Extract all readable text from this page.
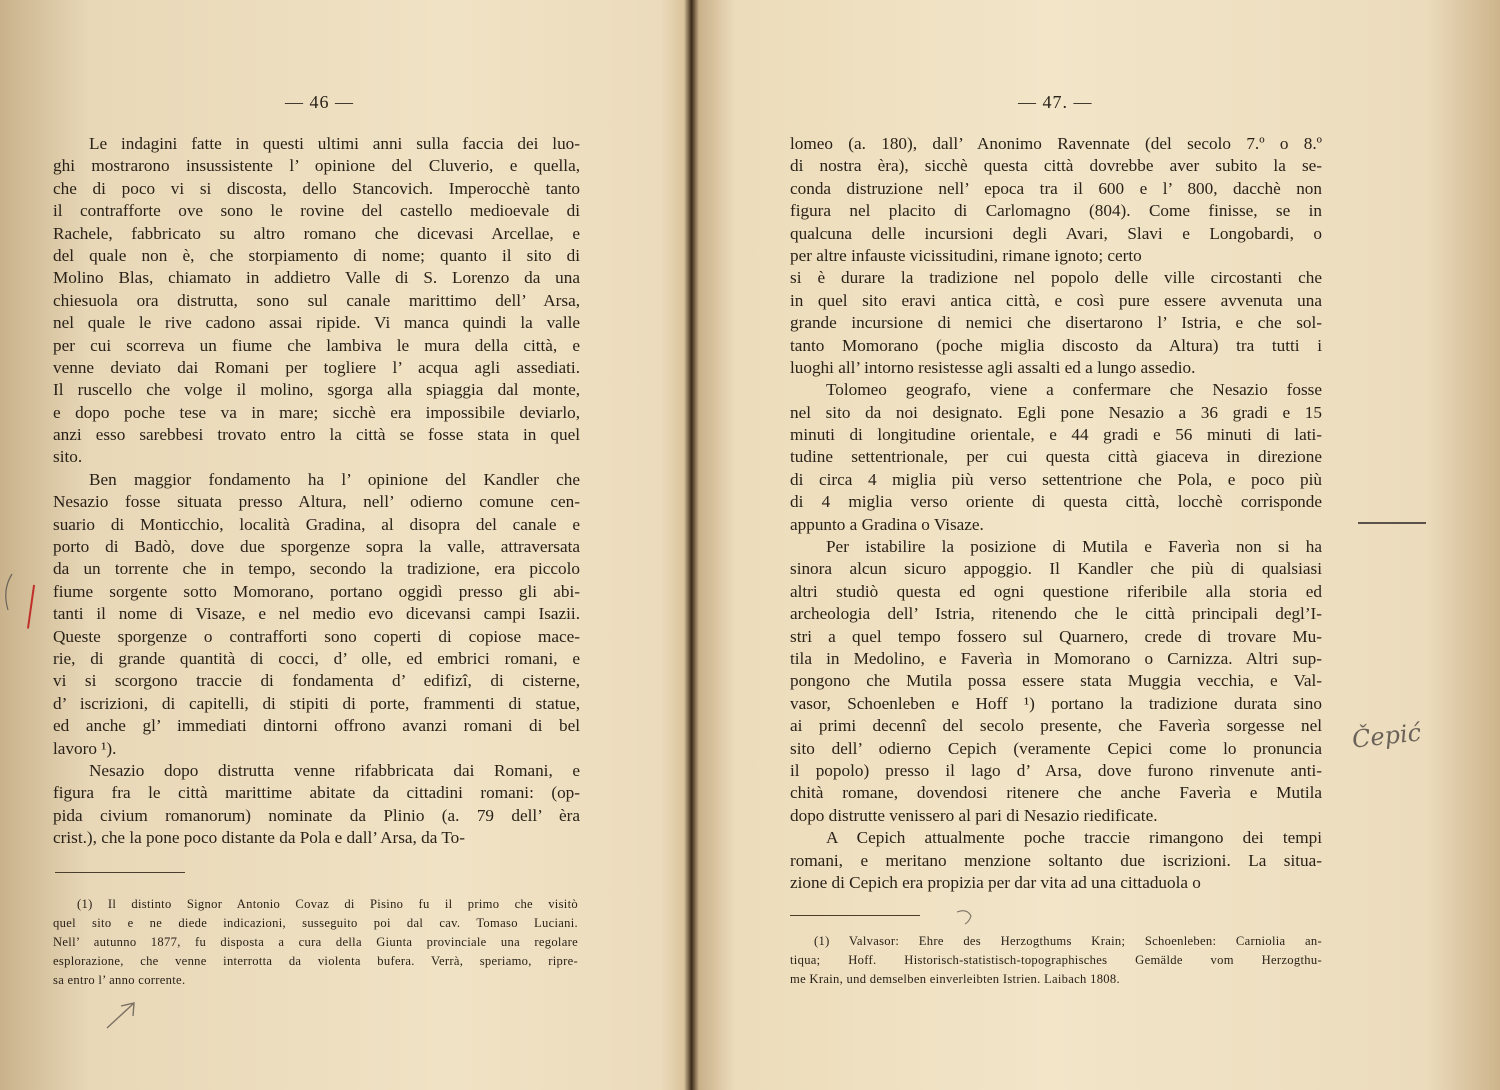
— 46 —
Le indagini fatte in questi ultimi anni sulla faccia dei luo-
ghi mostrarono insussistente l’ opinione del Cluverio, e quella,
che di poco vi si discosta, dello Stancovich. Imperocchè tanto
il contrafforte ove sono le rovine del castello medioevale di
Rachele, fabbricato su altro romano che dicevasi Arcellae, e
del quale non è, che storpiamento di nome; quanto il sito di
Molino Blas, chiamato in addietro Valle di S. Lorenzo da una
chiesuola ora distrutta, sono sul canale marittimo dell’ Arsa,
nel quale le rive cadono assai ripide. Vi manca quindi la valle
per cui scorreva un fiume che lambiva le mura della città, e
venne deviato dai Romani per togliere l’ acqua agli assediati.
Il ruscello che volge il molino, sgorga alla spiaggia dal monte,
e dopo poche tese va in mare; sicchè era impossibile deviarlo,
anzi esso sarebbesi trovato entro la città se fosse stata in quel
sito.
Ben maggior fondamento ha l’ opinione del Kandler che
Nesazio fosse situata presso Altura, nell’ odierno comune cen-
suario di Monticchio, località Gradina, al disopra del canale e
porto di Badò, dove due sporgenze sopra la valle, attraversata
da un torrente che in tempo, secondo la tradizione, era piccolo
fiume sorgente sotto Momorano, portano oggidì presso gli abi-
tanti il nome di Visaze, e nel medio evo dicevansi campi Isazii.
Queste sporgenze o contrafforti sono coperti di copiose mace-
rie, di grande quantità di cocci, d’ olle, ed embrici romani, e
vi si scorgono traccie di fondamenta d’ edifizî, di cisterne,
d’ iscrizioni, di capitelli, di stipiti di porte, frammenti di statue,
ed anche gl’ immediati dintorni offrono avanzi romani di bel
lavoro ¹).
Nesazio dopo distrutta venne rifabbricata dai Romani, e
figura fra le città marittime abitate da cittadini romani: (op-
pida civium romanorum) nominate da Plinio (a. 79 dell’ èra
crist.), che la pone poco distante da Pola e dall’ Arsa, da To-
(1) Il distinto Signor Antonio Covaz di Pisino fu il primo che visitò
quel sito e ne diede indicazioni, susseguito poi dal cav. Tomaso Luciani.
Nell’ autunno 1877, fu disposta a cura della Giunta provinciale una regolare
esplorazione, che venne interrotta da violenta bufera. Verrà, speriamo, ripre-
sa entro l’ anno corrente.
— 47. —
lomeo (a. 180), dall’ Anonimo Ravennate (del secolo 7.º o 8.º
di nostra èra), sicchè questa città dovrebbe aver subito la se-
conda distruzione nell’ epoca tra il 600 e l’ 800, dacchè non
figura nel placito di Carlomagno (804). Come finisse, se in
qualcuna delle incursioni degli Avari, Slavi e Longobardi, o
per altre infauste vicissitudini, rimane ignoto; certo
si è durare la tradizione nel popolo delle ville circostanti che
in quel sito eravi antica città, e così pure essere avvenuta una
grande incursione di nemici che disertarono l’ Istria, e che sol-
tanto Momorano (poche miglia discosto da Altura) tra tutti i
luoghi all’ intorno resistesse agli assalti ed a lungo assedio.
Tolomeo geografo, viene a confermare che Nesazio fosse
nel sito da noi designato. Egli pone Nesazio a 36 gradi e 15
minuti di longitudine orientale, e 44 gradi e 56 minuti di lati-
tudine settentrionale, per cui questa città giaceva in direzione
di circa 4 miglia più verso settentrione che Pola, e poco più
di 4 miglia verso oriente di questa città, locchè corrisponde
appunto a Gradina o Visaze.
Per istabilire la posizione di Mutila e Faverìa non si ha
sinora alcun sicuro appoggio. Il Kandler che più di qualsiasi
altri studiò questa ed ogni questione riferibile alla storia ed
archeologia dell’ Istria, ritenendo che le città principali degl’I-
stri a quel tempo fossero sul Quarnero, crede di trovare Mu-
tila in Medolino, e Faverìa in Momorano o Carnizza. Altri sup-
pongono che Mutila possa essere stata Muggia vecchia, e Val-
vasor, Schoenleben e Hoff ¹) portano la tradizione durata sino
ai primi decennî del secolo presente, che Faverìa sorgesse nel
sito dell’ odierno Cepich (veramente Cepici come lo pronuncia
il popolo) presso il lago d’ Arsa, dove furono rinvenute anti-
chità romane, dovendosi ritenere che anche Faverìa e Mutila
dopo distrutte venissero al pari di Nesazio riedificate.
A Cepich attualmente poche traccie rimangono dei tempi
romani, e meritano menzione soltanto due iscrizioni. La situa-
zione di Cepich era propizia per dar vita ad una cittaduola o
(1) Valvasor: Ehre des Herzogthums Krain; Schoenleben: Carniolia an-
tiqua; Hoff. Historisch-statistisch-topographisches Gemälde vom Herzogthu-
me Krain, und demselben einverleibten Istrien. Laibach 1808.
Čepić
